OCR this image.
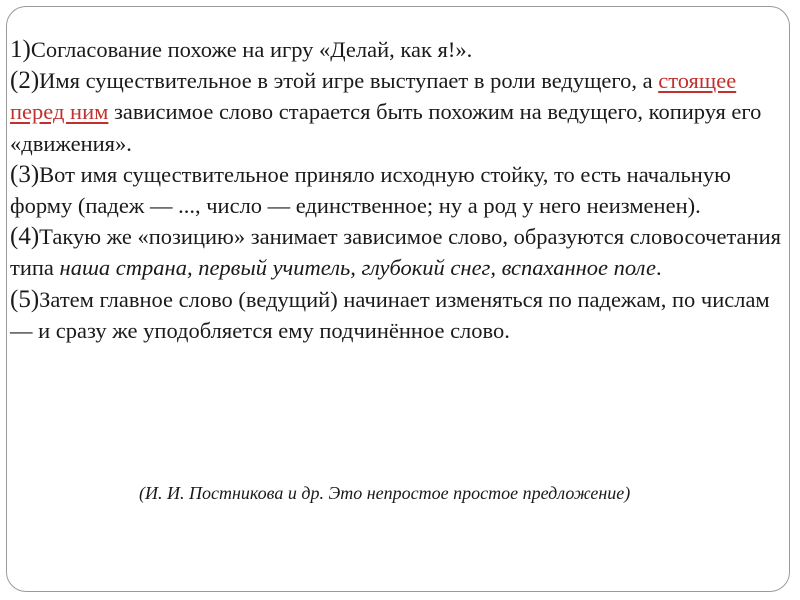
1)Согласование похоже на игру «Делай, как я!».

(2)Имя существительное в этой игре выступает в роли ведущего, а стоящее перед ним зависимое слово старается быть похожим на ведущего, копируя его «движения».

(3)Вот имя существительное приняло исходную стойку, то есть начальную форму (падеж — ..., число — единственное; ну а род у него неизменен).

(4)Такую же «позицию» занимает зависимое слово, образуются словосочетания типа наша страна, первый учитель, глубокий снег, вспаханное поле.

(5)Затем главное слово (ведущий) начинает изменяться по падежам, по числам — и сразу же уподобляется ему подчинённое слово.

(И. И. Постникова и др. Это непростое простое предложение)
